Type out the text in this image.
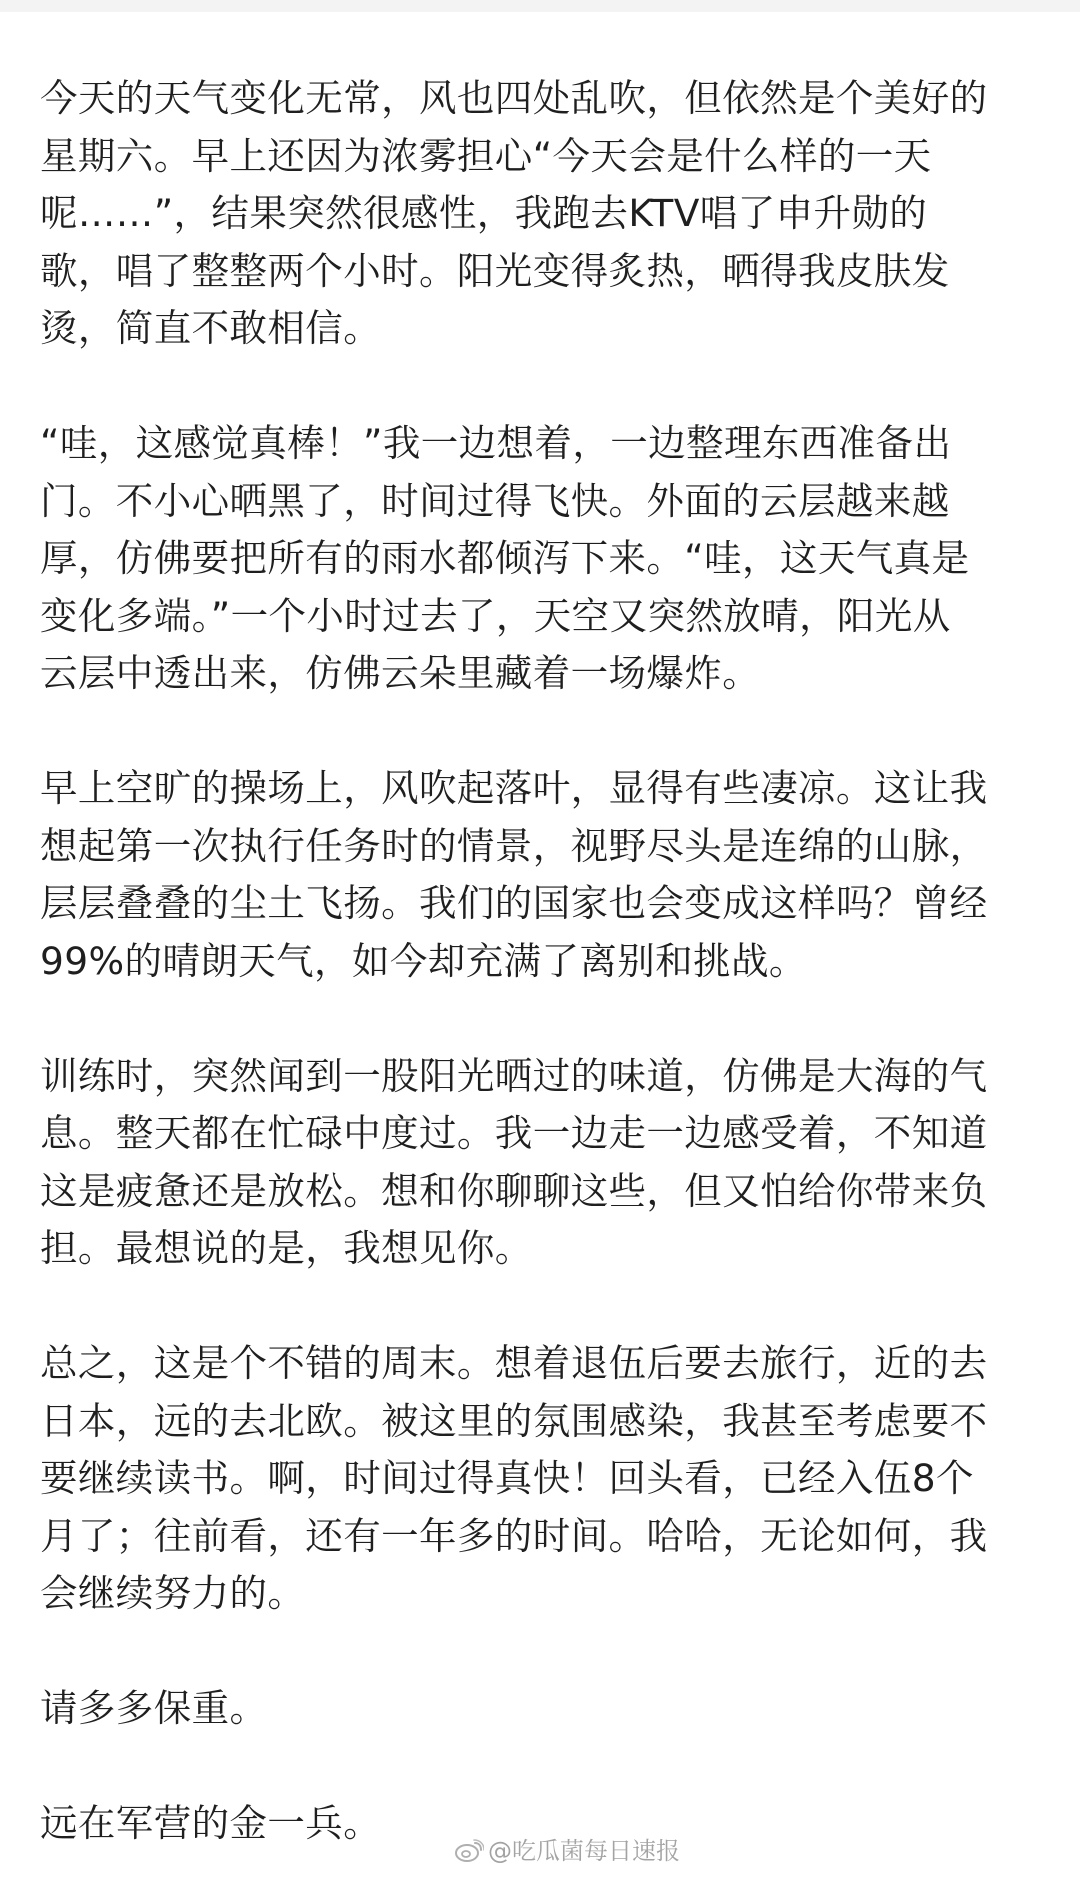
今天的天气变化无常，风也四处乱吹，但依然是个美好的
星期六。早上还因为浓雾担心“今天会是什么样的一天
呢……”，结果突然很感性，我跑去KTV唱了申升勋的
歌，唱了整整两个小时。阳光变得炙热，晒得我皮肤发
烫，简直不敢相信。

“哇，这感觉真棒！”我一边想着，一边整理东西准备出
门。不小心晒黑了，时间过得飞快。外面的云层越来越
厚，仿佛要把所有的雨水都倾泻下来。“哇，这天气真是
变化多端。”一个小时过去了，天空又突然放晴，阳光从
云层中透出来，仿佛云朵里藏着一场爆炸。

早上空旷的操场上，风吹起落叶，显得有些凄凉。这让我
想起第一次执行任务时的情景，视野尽头是连绵的山脉，
层层叠叠的尘土飞扬。我们的国家也会变成这样吗？曾经
99%的晴朗天气，如今却充满了离别和挑战。

训练时，突然闻到一股阳光晒过的味道，仿佛是大海的气
息。整天都在忙碌中度过。我一边走一边感受着，不知道
这是疲惫还是放松。想和你聊聊这些，但又怕给你带来负
担。最想说的是，我想见你。

总之，这是个不错的周末。想着退伍后要去旅行，近的去
日本，远的去北欧。被这里的氛围感染，我甚至考虑要不
要继续读书。啊，时间过得真快！回头看，已经入伍8个
月了；往前看，还有一年多的时间。哈哈，无论如何，我
会继续努力的。

请多多保重。

远在军营的金一兵。

@吃瓜菌每日速报
